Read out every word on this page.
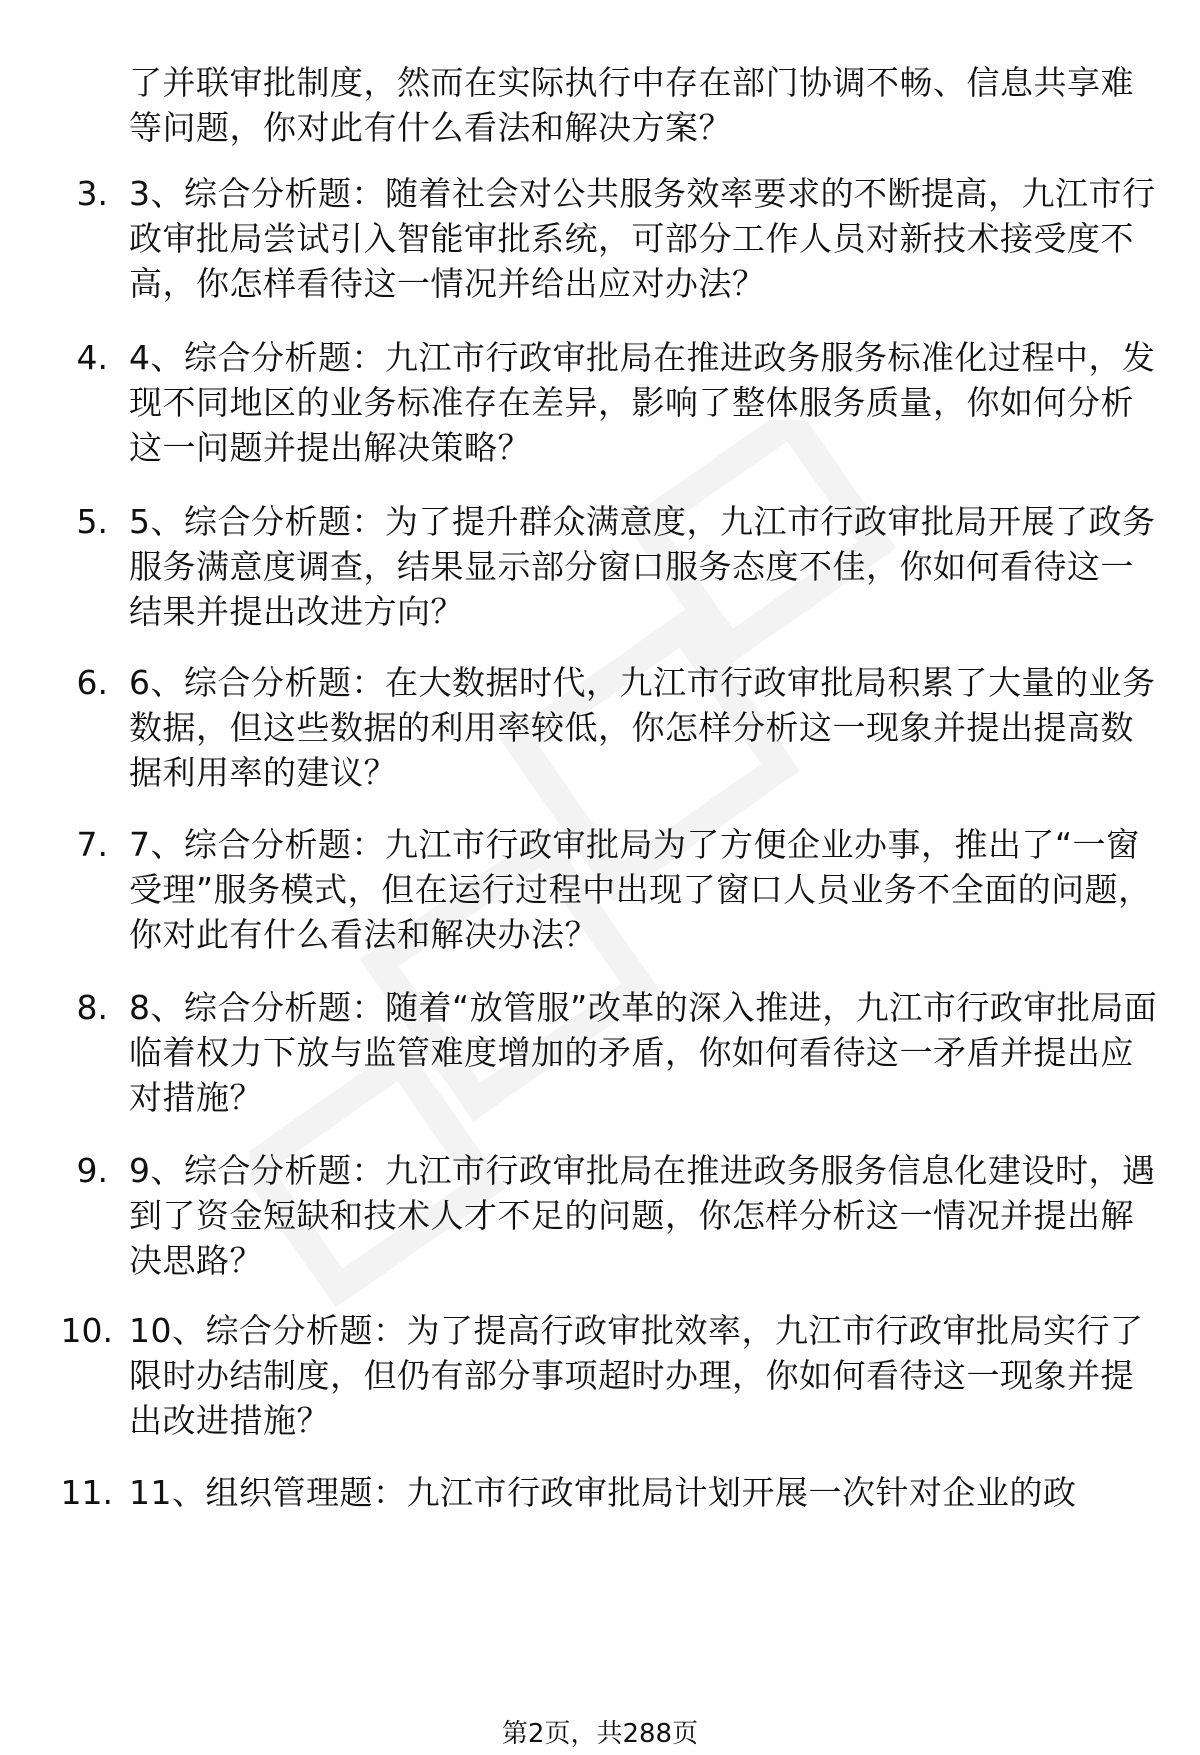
了并联审批制度，然而在实际执行中存在部门协调不畅、信息共享难等问题，你对此有什么看法和解决方案？
3. 3、综合分析题：随着社会对公共服务效率要求的不断提高，九江市行政审批局尝试引入智能审批系统，可部分工作人员对新技术接受度不高，你怎样看待这一情况并给出应对办法？
4. 4、综合分析题：九江市行政审批局在推进政务服务标准化过程中，发现不同地区的业务标准存在差异，影响了整体服务质量，你如何分析这一问题并提出解决策略？
5. 5、综合分析题：为了提升群众满意度，九江市行政审批局开展了政务服务满意度调查，结果显示部分窗口服务态度不佳，你如何看待这一结果并提出改进方向？
6. 6、综合分析题：在大数据时代，九江市行政审批局积累了大量的业务数据，但这些数据的利用率较低，你怎样分析这一现象并提出提高数据利用率的建议？
7. 7、综合分析题：九江市行政审批局为了方便企业办事，推出了“一窗受理”服务模式，但在运行过程中出现了窗口人员业务不全面的问题，你对此有什么看法和解决办法？
8. 8、综合分析题：随着“放管服”改革的深入推进，九江市行政审批局面临着权力下放与监管难度增加的矛盾，你如何看待这一矛盾并提出应对措施？
9. 9、综合分析题：九江市行政审批局在推进政务服务信息化建设时，遇到了资金短缺和技术人才不足的问题，你怎样分析这一情况并提出解决思路？
10. 10、综合分析题：为了提高行政审批效率，九江市行政审批局实行了限时办结制度，但仍有部分事项超时办理，你如何看待这一现象并提出改进措施？
11. 11、组织管理题：九江市行政审批局计划开展一次针对企业的政
第2页，共288页
